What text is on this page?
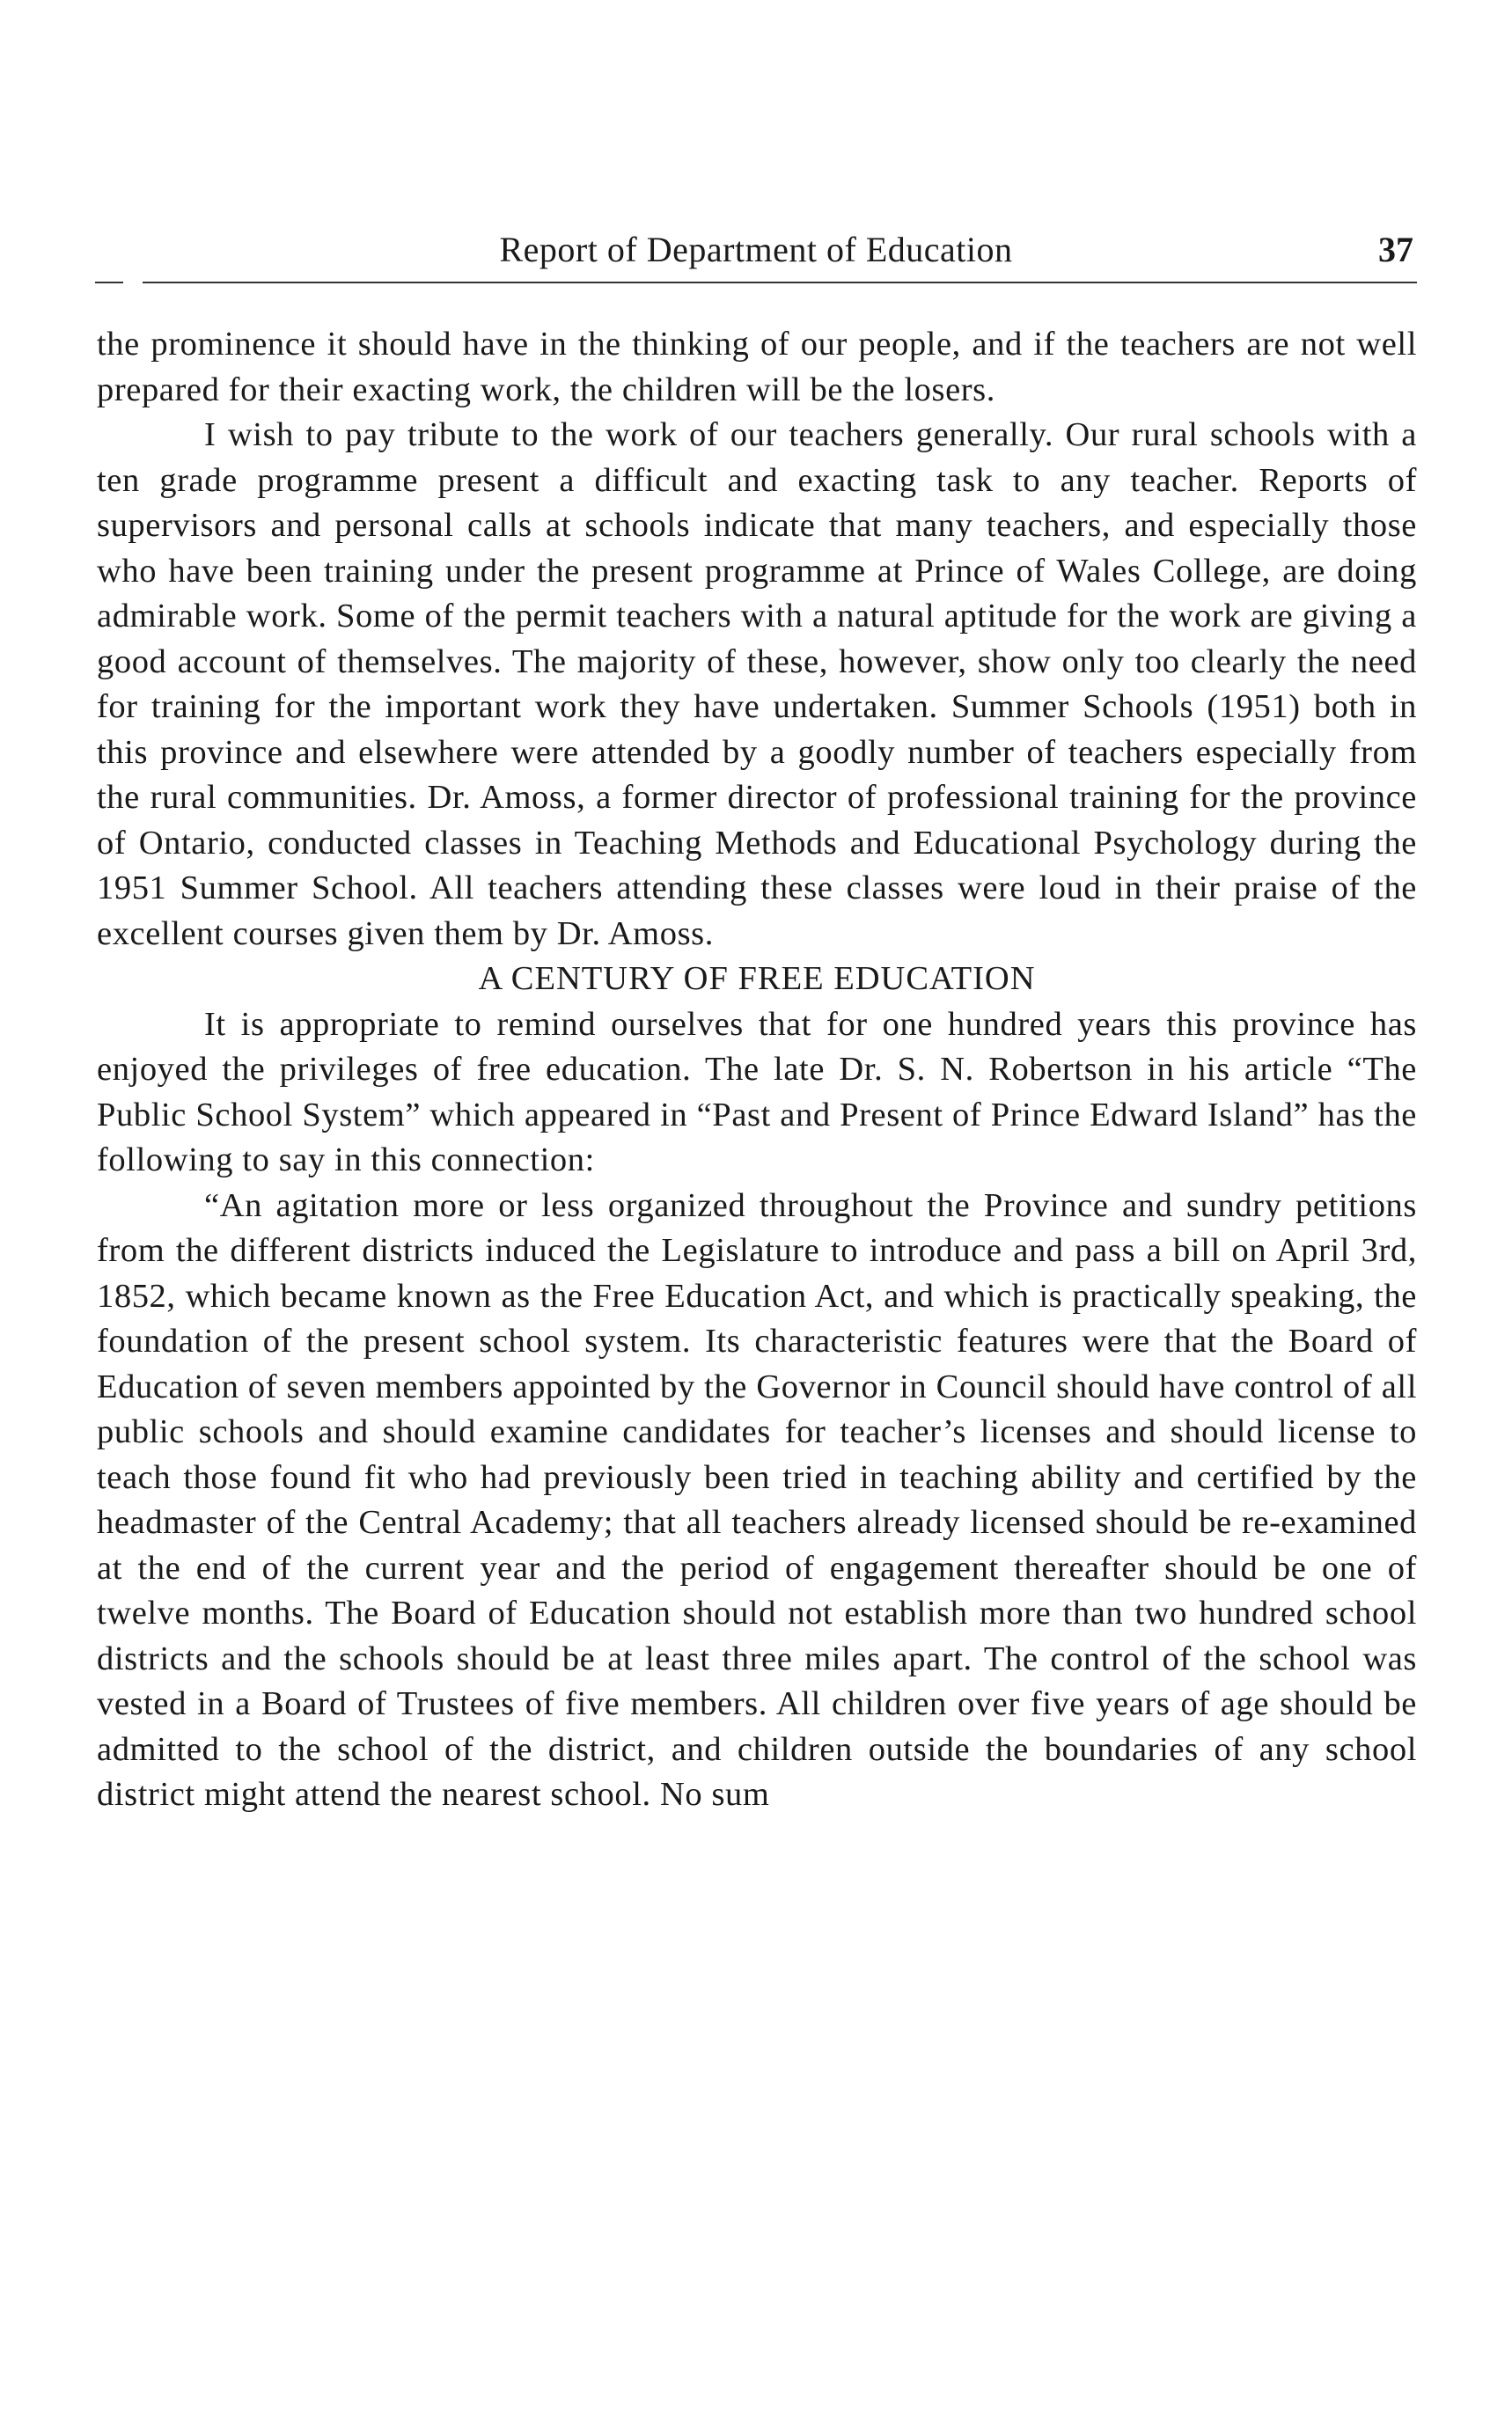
Report of Department of Education	37

the prominence it should have in the thinking of our people, and if the teachers are not well prepared for their exacting work, the children will be the losers.

I wish to pay tribute to the work of our teachers generally. Our rural schools with a ten grade programme present a difficult and exacting task to any teacher. Reports of supervisors and personal calls at schools indicate that many teachers, and especially those who have been training under the present programme at Prince of Wales College, are doing admirable work. Some of the permit teachers with a natural aptitude for the work are giving a good account of themselves. The majority of these, however, show only too clearly the need for training for the important work they have undertaken. Summer Schools (1951) both in this province and elsewhere were attended by a goodly number of teachers especially from the rural communities. Dr. Amoss, a former director of professional training for the province of Ontario, conducted classes in Teaching Methods and Educational Psychology during the 1951 Summer School. All teachers attending these classes were loud in their praise of the excellent courses given them by Dr. Amoss.

A CENTURY OF FREE EDUCATION

It is appropriate to remind ourselves that for one hundred years this province has enjoyed the privileges of free education. The late Dr. S. N. Robertson in his article “The Public School System” which appeared in “Past and Present of Prince Edward Island” has the following to say in this connection:

“An agitation more or less organized throughout the Province and sundry petitions from the different districts induced the Legislature to introduce and pass a bill on April 3rd, 1852, which became known as the Free Education Act, and which is practically speaking, the foundation of the present school system. Its characteristic features were that the Board of Education of seven members appointed by the Governor in Council should have control of all public schools and should examine candidates for teacher’s licenses and should license to teach those found fit who had previously been tried in teaching ability and certified by the headmaster of the Central Academy; that all teachers already licensed should be re-examined at the end of the current year and the period of engagement thereafter should be one of twelve months. The Board of Education should not establish more than two hundred school districts and the schools should be at least three miles apart. The control of the school was vested in a Board of Trustees of five members. All children over five years of age should be admitted to the school of the district, and children outside the boundaries of any school district might attend the nearest school. No sum
